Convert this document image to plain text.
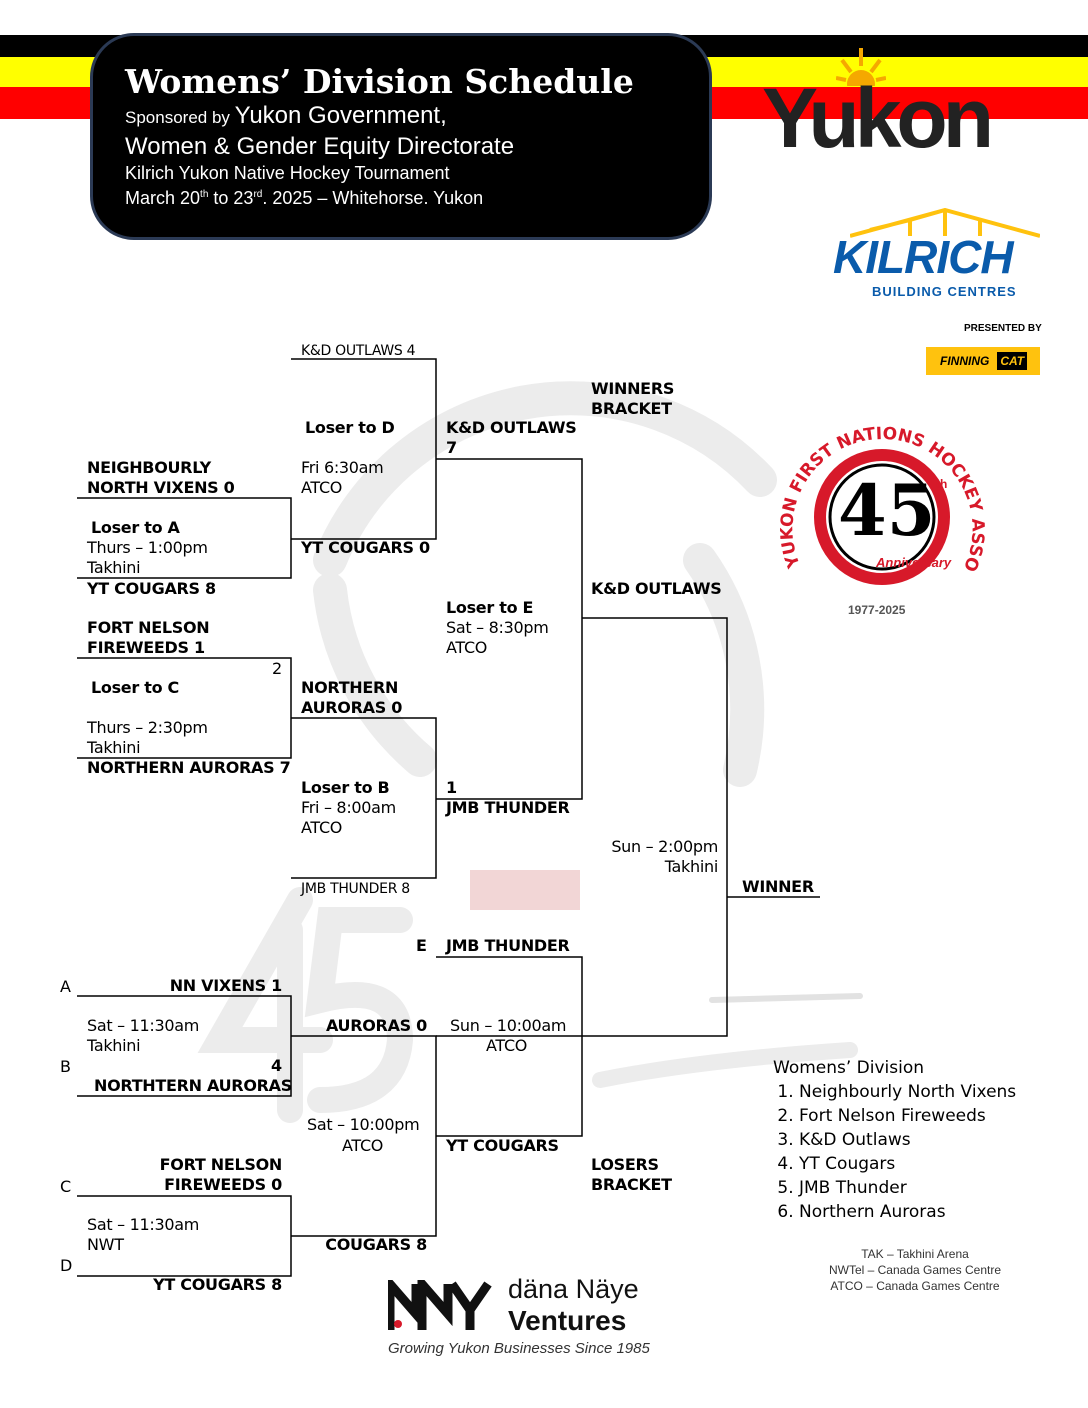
Womens’ Division Schedule
Sponsored by Yukon Government,
Women & Gender Equity Directorate
Kilrich Yukon Native Hockey Tournament
March 20th to 23rd. 2025 – Whitehorse. Yukon
Yukon
KILRICH
BUILDING CENTRES
PRESENTED BY
FINNING CAT
YU N FIRST NATIONS HOCKEY SO
45 th
Anniversary
1977-2025
NEIGHBOURLY
NORTH VIXENS 0
Loser to A
Thurs – 1:00pm
Takhini
YT COUGARS 8
FORT NELSON
FIREWEEDS 1
2
Loser to C
Thurs – 2:30pm
Takhini
NORTHERN AURORAS 7
K&D OUTLAWS 4
Loser to D
Fri 6:30am
ATCO
YT COUGARS 0
NORTHERN
AURORAS 0
Loser to B
Fri – 8:00am
ATCO
JMB THUNDER 8
K&D OUTLAWS
7
Loser to E
Sat – 8:30pm
ATCO
1
JMB THUNDER
WINNERS
BRACKET
K&D OUTLAWS
Sun – 2:00pm
Takhini
WINNER
A	NN VIXENS 1
Sat – 11:30am
Takhini
B	4
NORTHTERN AURORAS
FORT NELSON
C	FIREWEEDS 0
Sat – 11:30am
NWT
D
YT COUGARS 8
AURORAS 0
Sat – 10:00pm
ATCO
COUGARS 8
E JMB THUNDER
Sun – 10:00am
ATCO
YT COUGARS
LOSERS
BRACKET
Womens’ Division
1. Neighbourly North Vixens
2. Fort Nelson Fireweeds
3. K&D Outlaws
4. YT Cougars
5. JMB Thunder
6. Northern Auroras
TAK – Takhini Arena
NWTel – Canada Games Centre
ATCO – Canada Games Centre
däna Näye
Ventures
Growing Yukon Businesses Since 1985
